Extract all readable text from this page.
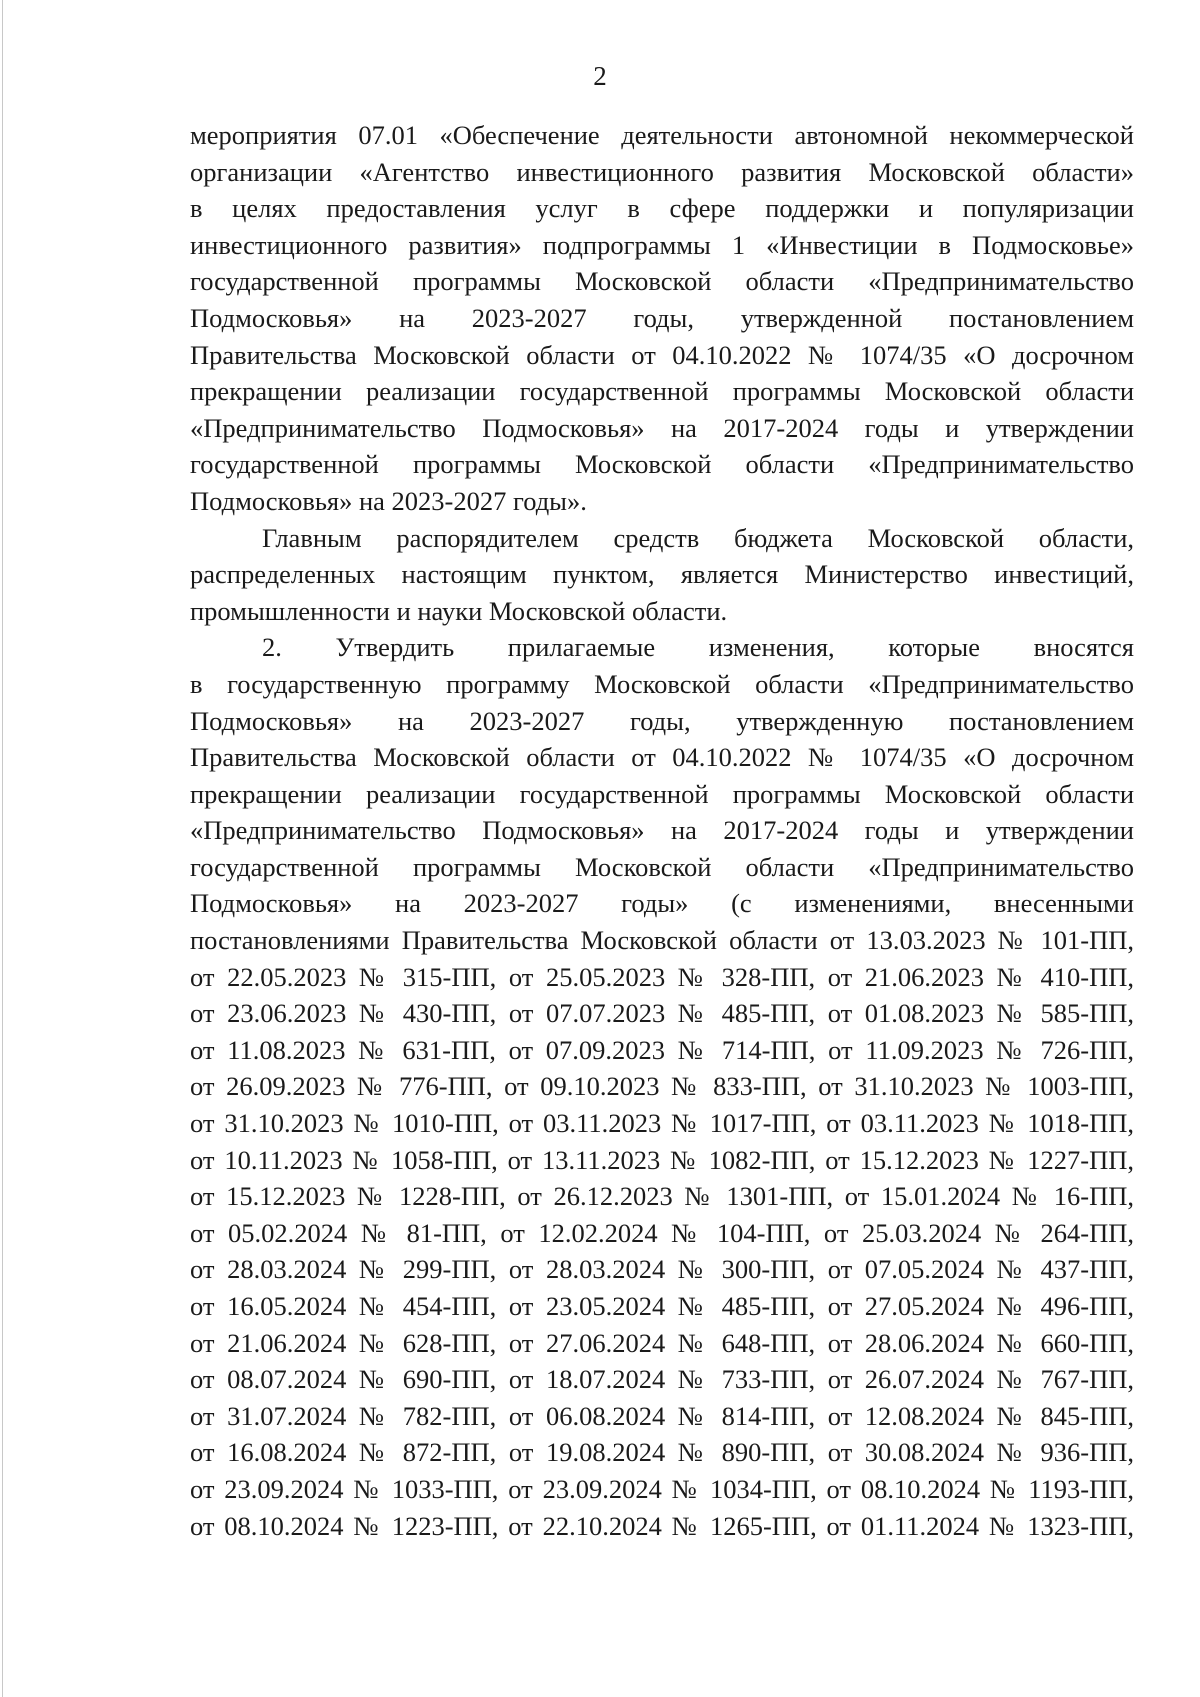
2
мероприятия 07.01 «Обеспечение деятельности автономной некоммерческой
организации «Агентство инвестиционного развития Московской области»
в целях предоставления услуг в сфере поддержки и популяризации
инвестиционного развития» подпрограммы 1 «Инвестиции в Подмосковье»
государственной программы Московской области «Предпринимательство
Подмосковья» на 2023-2027 годы, утвержденной постановлением
Правительства Московской области от 04.10.2022 № 1074/35 «О досрочном
прекращении реализации государственной программы Московской области
«Предпринимательство Подмосковья» на 2017-2024 годы и утверждении
государственной программы Московской области «Предпринимательство
Подмосковья» на 2023-2027 годы».
Главным распорядителем средств бюджета Московской области,
распределенных настоящим пунктом, является Министерство инвестиций,
промышленности и науки Московской области.
2. Утвердить прилагаемые изменения, которые вносятся
в государственную программу Московской области «Предпринимательство
Подмосковья» на 2023-2027 годы, утвержденную постановлением
Правительства Московской области от 04.10.2022 № 1074/35 «О досрочном
прекращении реализации государственной программы Московской области
«Предпринимательство Подмосковья» на 2017-2024 годы и утверждении
государственной программы Московской области «Предпринимательство
Подмосковья» на 2023-2027 годы» (с изменениями, внесенными
постановлениями Правительства Московской области от 13.03.2023 № 101-ПП,
от 22.05.2023 № 315-ПП, от 25.05.2023 № 328-ПП, от 21.06.2023 № 410-ПП,
от 23.06.2023 № 430-ПП, от 07.07.2023 № 485-ПП, от 01.08.2023 № 585-ПП,
от 11.08.2023 № 631-ПП, от 07.09.2023 № 714-ПП, от 11.09.2023 № 726-ПП,
от 26.09.2023 № 776-ПП, от 09.10.2023 № 833-ПП, от 31.10.2023 № 1003-ПП,
от 31.10.2023 № 1010-ПП, от 03.11.2023 № 1017-ПП, от 03.11.2023 № 1018-ПП,
от 10.11.2023 № 1058-ПП, от 13.11.2023 № 1082-ПП, от 15.12.2023 № 1227-ПП,
от 15.12.2023 № 1228-ПП, от 26.12.2023 № 1301-ПП, от 15.01.2024 № 16-ПП,
от 05.02.2024 № 81-ПП, от 12.02.2024 № 104-ПП, от 25.03.2024 № 264-ПП,
от 28.03.2024 № 299-ПП, от 28.03.2024 № 300-ПП, от 07.05.2024 № 437-ПП,
от 16.05.2024 № 454-ПП, от 23.05.2024 № 485-ПП, от 27.05.2024 № 496-ПП,
от 21.06.2024 № 628-ПП, от 27.06.2024 № 648-ПП, от 28.06.2024 № 660-ПП,
от 08.07.2024 № 690-ПП, от 18.07.2024 № 733-ПП, от 26.07.2024 № 767-ПП,
от 31.07.2024 № 782-ПП, от 06.08.2024 № 814-ПП, от 12.08.2024 № 845-ПП,
от 16.08.2024 № 872-ПП, от 19.08.2024 № 890-ПП, от 30.08.2024 № 936-ПП,
от 23.09.2024 № 1033-ПП, от 23.09.2024 № 1034-ПП, от 08.10.2024 № 1193-ПП,
от 08.10.2024 № 1223-ПП, от 22.10.2024 № 1265-ПП, от 01.11.2024 № 1323-ПП,
